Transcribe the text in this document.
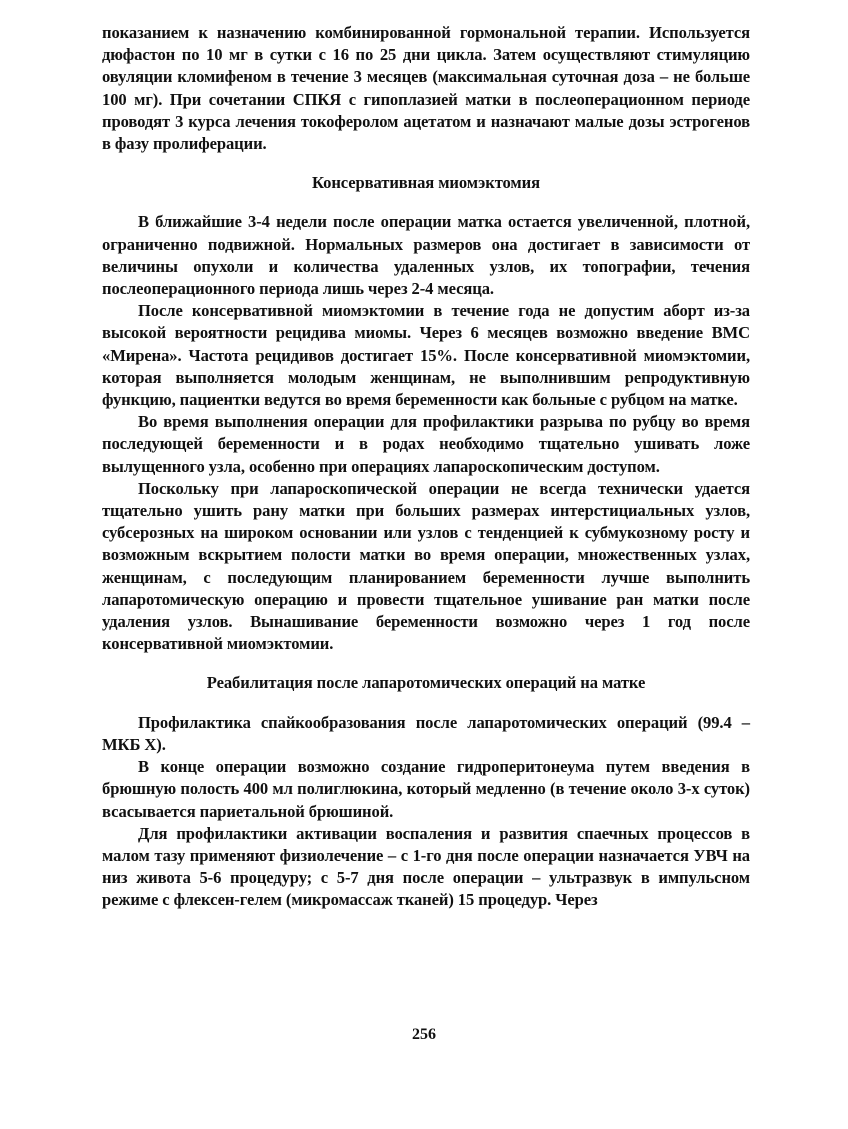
показанием к назначению комбинированной гормональной терапии. Используется дюфастон по 10 мг в сутки с 16 по 25 дни цикла. Затем осуществляют стимуляцию овуляции кломифеном в течение 3 месяцев (максимальная суточная доза – не больше 100 мг). При сочетании СПКЯ с гипоплазией матки в послеоперационном периоде проводят 3 курса лечения токоферолом ацетатом и назначают малые дозы эстрогенов в фазу пролиферации.

Консервативная миомэктомия

В ближайшие 3-4 недели после операции матка остается увеличенной, плотной, ограниченно подвижной. Нормальных размеров она достигает в зависимости от величины опухоли и количества удаленных узлов, их топографии, течения послеоперационного периода лишь через 2-4 месяца.

После консервативной миомэктомии в течение года не допустим аборт из-за высокой вероятности рецидива миомы. Через 6 месяцев возможно введение ВМС «Мирена». Частота рецидивов достигает 15%. После консервативной миомэктомии, которая выполняется молодым женщинам, не выполнившим репродуктивную функцию, пациентки ведутся во время беременности как больные с рубцом на матке.

Во время выполнения операции для профилактики разрыва по рубцу во время последующей беременности и в родах необходимо тщательно ушивать ложе вылущенного узла, особенно при операциях лапароскопическим доступом.

Поскольку при лапароскопической операции не всегда технически удается тщательно ушить рану матки при больших размерах интерстициальных узлов, субсерозных на широком основании или узлов с тенденцией к субмукозному росту и возможным вскрытием полости матки во время операции, множественных узлах, женщинам, с последующим планированием беременности лучше выполнить лапаротомическую операцию и провести тщательное ушивание ран матки после удаления узлов. Вынашивание беременности возможно через 1 год после консервативной миомэктомии.

Реабилитация после лапаротомических операций на матке

Профилактика спайкообразования после лапаротомических операций (99.4 – МКБ X).

В конце операции возможно создание гидроперитонеума путем введения в брюшную полость 400 мл полиглюкина, который медленно (в течение около 3-х суток) всасывается париетальной брюшиной.

Для профилактики активации воспаления и развития спаечных процессов в малом тазу применяют физиолечение – с 1-го дня после операции назначается УВЧ на низ живота 5-6 процедуру; с 5-7 дня после операции – ультразвук в импульсном режиме с флексен-гелем (микромассаж тканей) 15 процедур. Через

256
